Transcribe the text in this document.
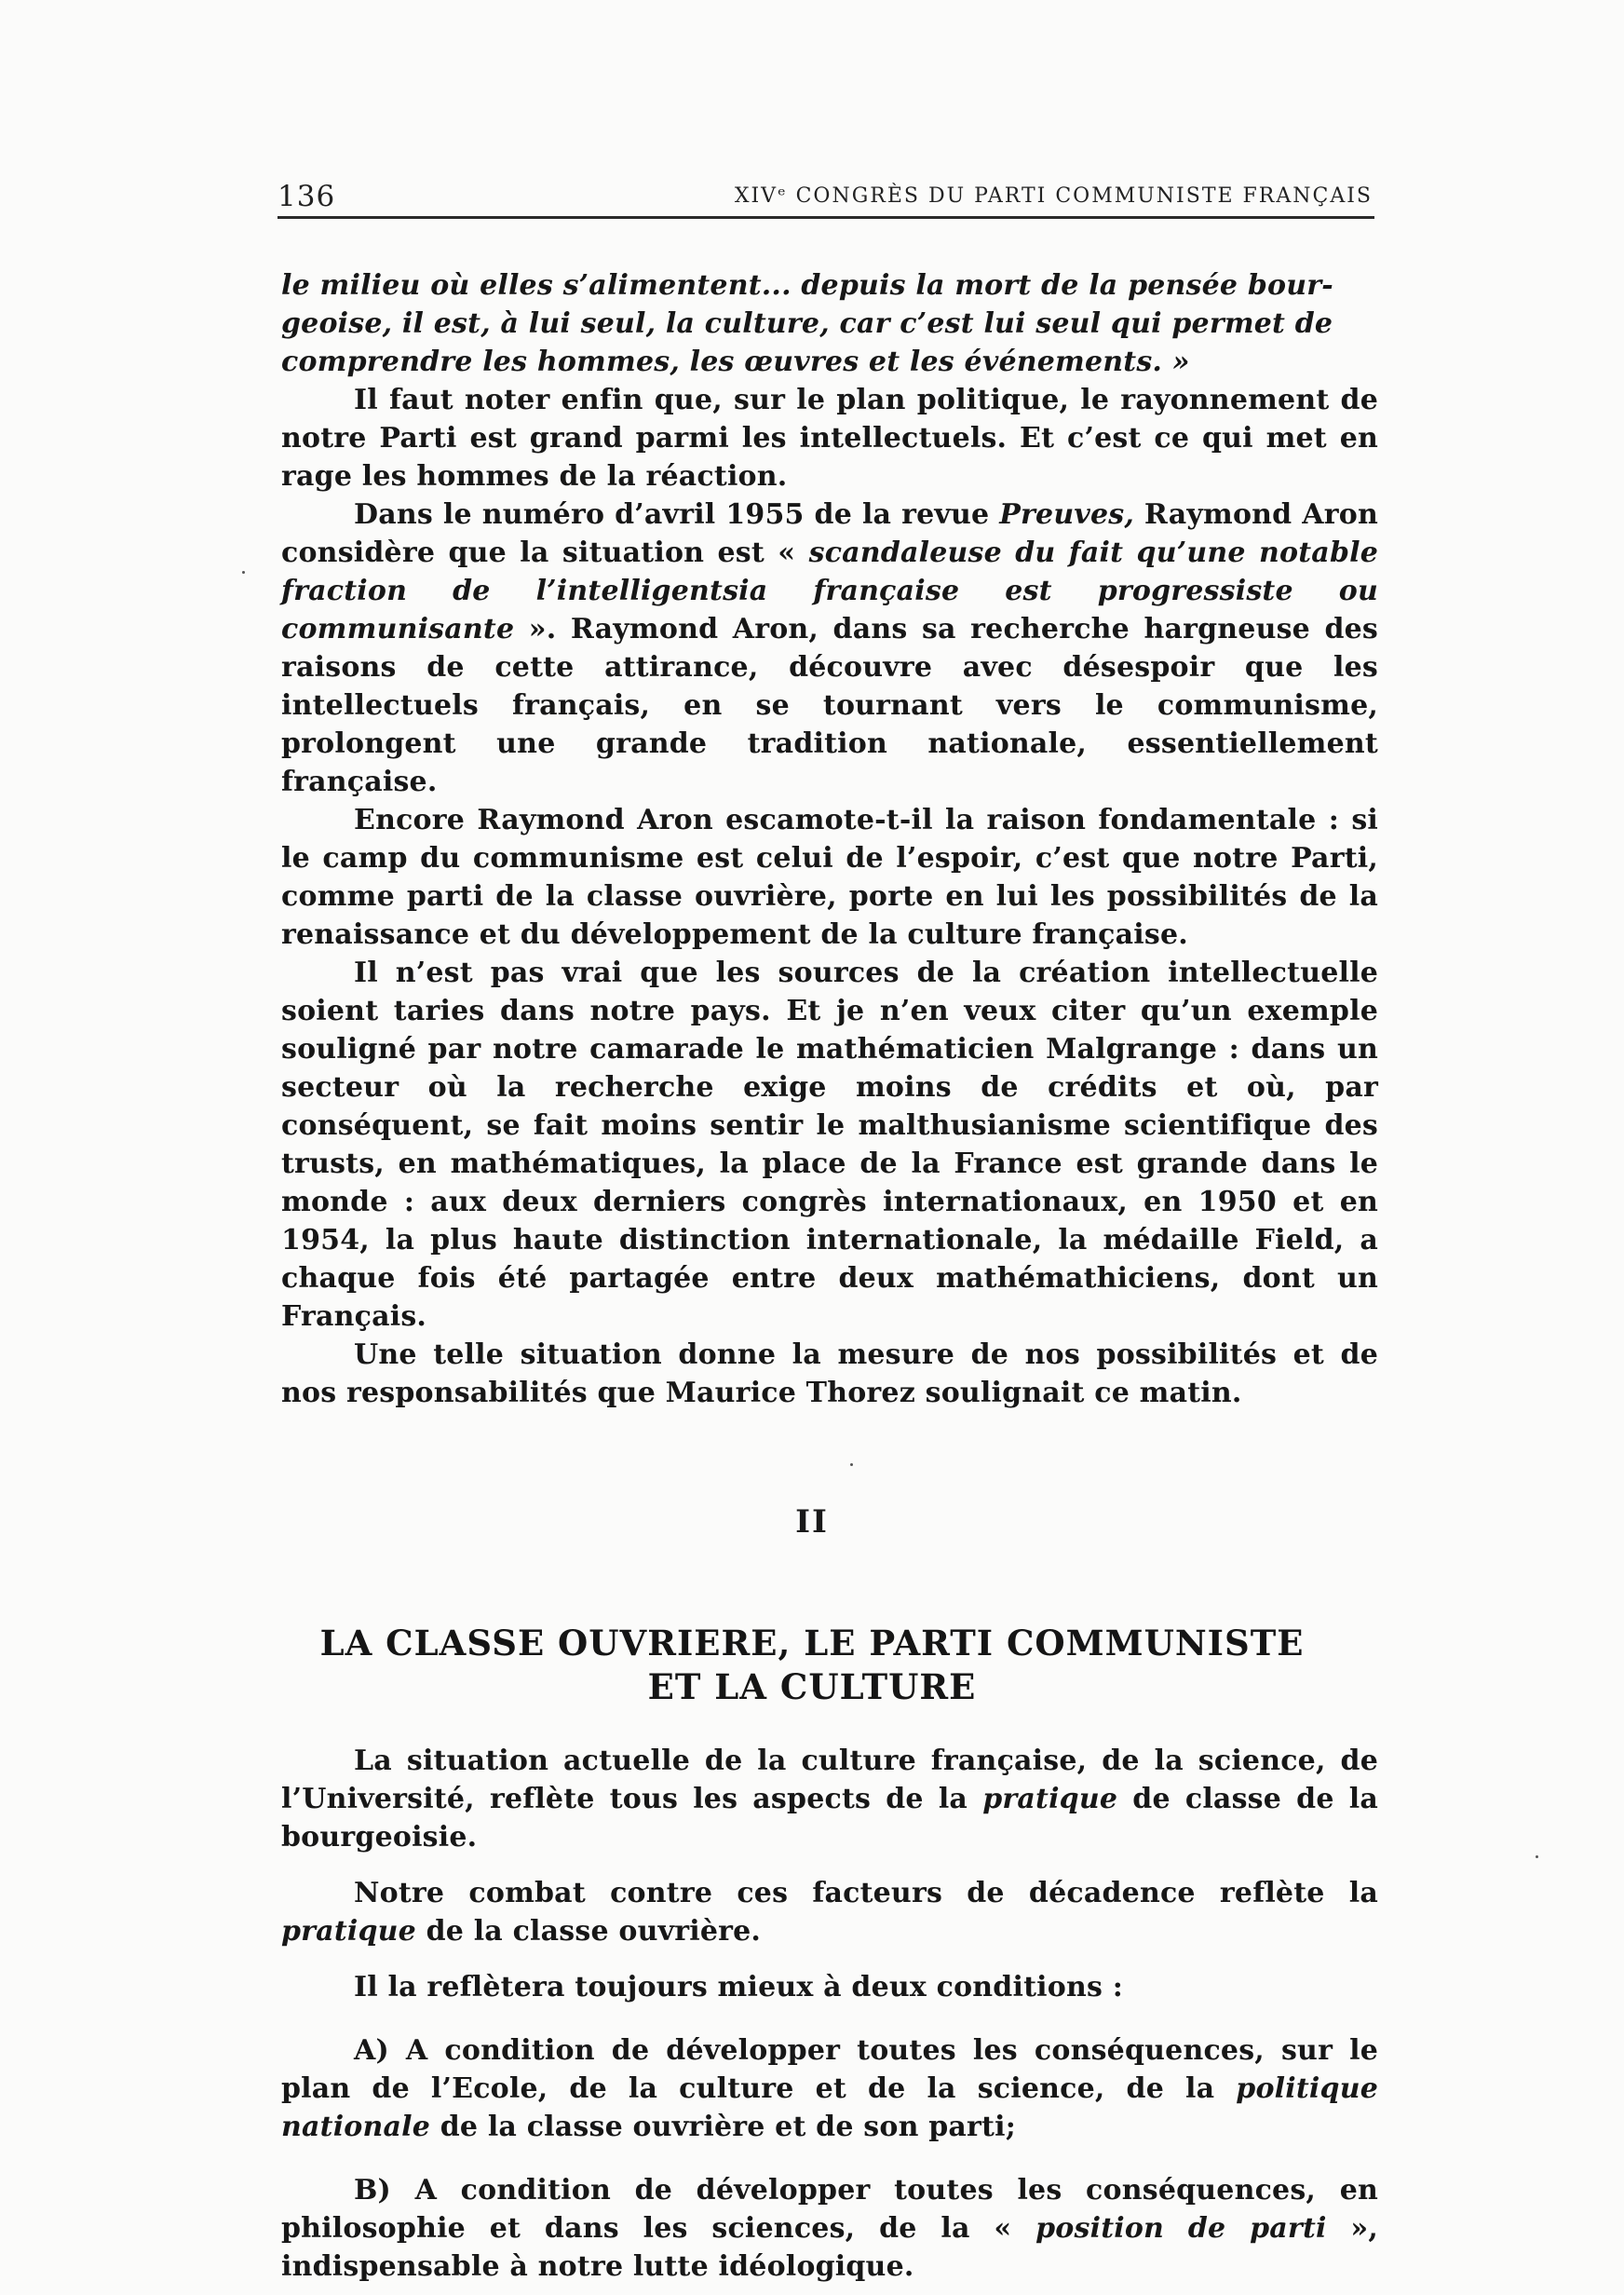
136	XIVᵉ CONGRÈS DU PARTI COMMUNISTE FRANÇAIS
le milieu où elles s’alimentent... depuis la mort de la pensée bour-
geoise, il est, à lui seul, la culture, car c’est lui seul qui permet de
comprendre les hommes, les œuvres et les événements. »

Il faut noter enfin que, sur le plan politique, le rayonnement de notre Parti est grand parmi les intellectuels. Et c’est ce qui met en rage les hommes de la réaction.

Dans le numéro d’avril 1955 de la revue Preuves, Raymond Aron considère que la situation est « scandaleuse du fait qu’une notable fraction de l’intelligentsia française est progressiste ou communisante ». Raymond Aron, dans sa recherche hargneuse des raisons de cette attirance, découvre avec désespoir que les intellectuels français, en se tournant vers le communisme, prolongent une grande tradition nationale, essentiellement française.

Encore Raymond Aron escamote-t-il la raison fondamentale : si le camp du communisme est celui de l’espoir, c’est que notre Parti, comme parti de la classe ouvrière, porte en lui les possibilités de la renaissance et du développement de la culture française.

Il n’est pas vrai que les sources de la création intellectuelle soient taries dans notre pays. Et je n’en veux citer qu’un exemple souligné par notre camarade le mathématicien Malgrange : dans un secteur où la recherche exige moins de crédits et où, par conséquent, se fait moins sentir le malthusianisme scientifique des trusts, en mathématiques, la place de la France est grande dans le monde : aux deux derniers congrès internationaux, en 1950 et en 1954, la plus haute distinction internationale, la médaille Field, a chaque fois été partagée entre deux mathémathiciens, dont un Français.

Une telle situation donne la mesure de nos possibilités et de nos responsabilités que Maurice Thorez soulignait ce matin.

II
LA CLASSE OUVRIERE, LE PARTI COMMUNISTE
ET LA CULTURE

La situation actuelle de la culture française, de la science, de l’Université, reflète tous les aspects de la pratique de classe de la bourgeoisie.

Notre combat contre ces facteurs de décadence reflète la pratique de la classe ouvrière.

Il la reflètera toujours mieux à deux conditions :

A) A condition de développer toutes les conséquences, sur le plan de l’Ecole, de la culture et de la science, de la politique nationale de la classe ouvrière et de son parti;

B) A condition de développer toutes les conséquences, en philosophie et dans les sciences, de la « position de parti », indispensable à notre lutte idéologique.
